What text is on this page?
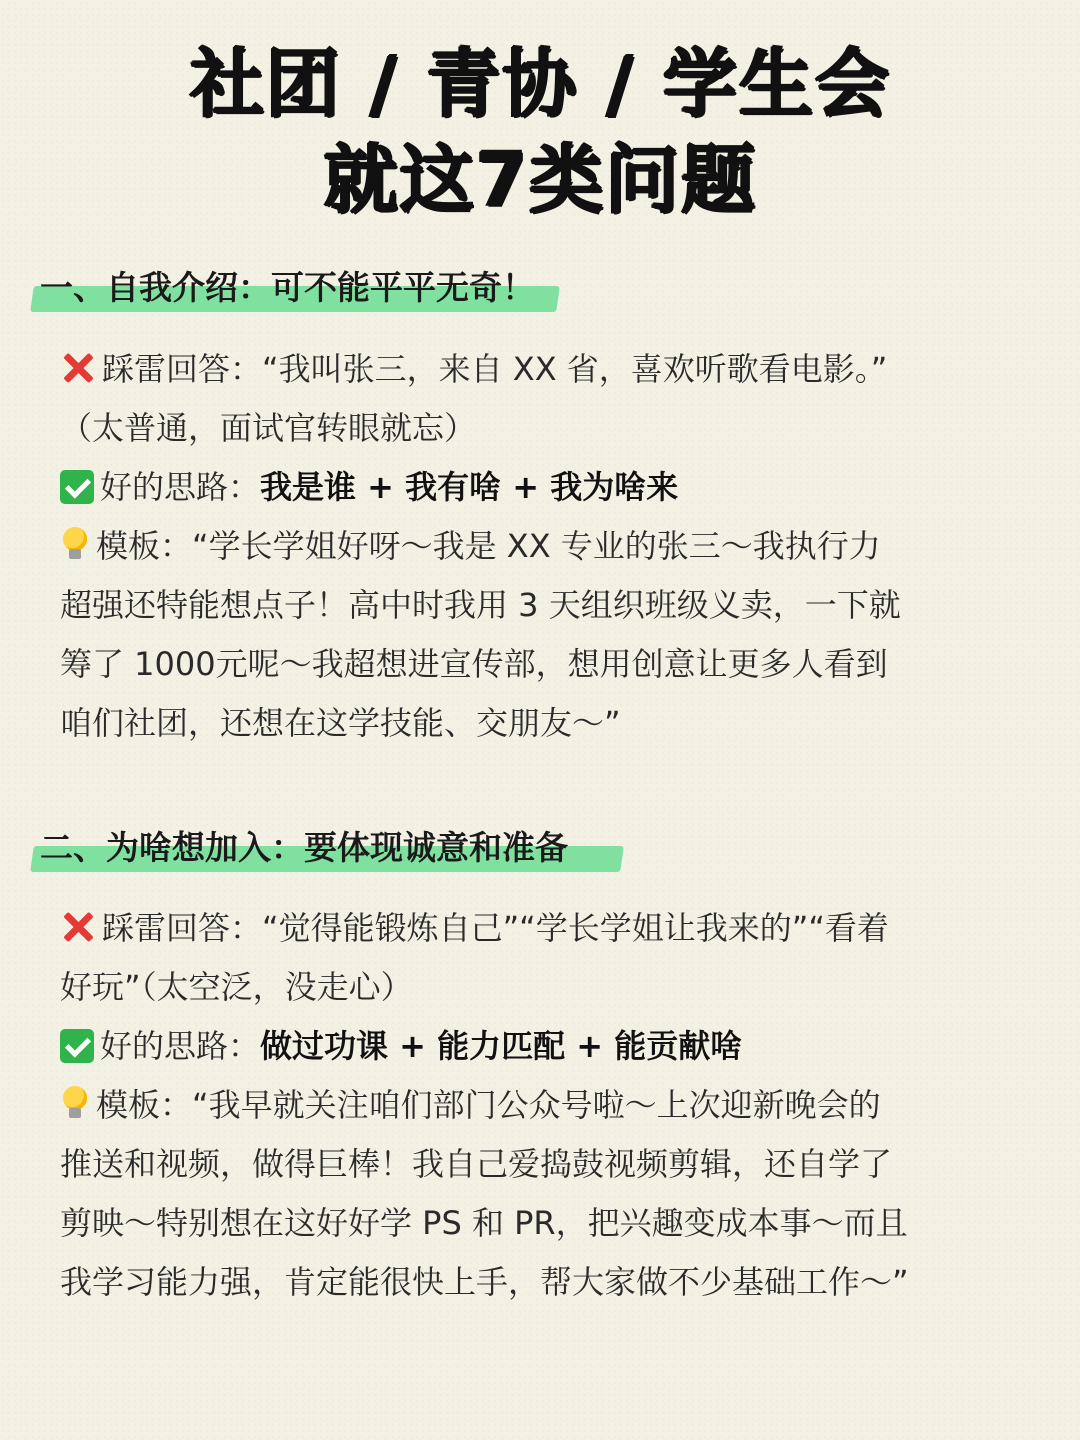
社团 / 青协 / 学生会
就这7类问题
一、自我介绍：可不能平平无奇！
踩雷回答：“我叫张三，来自 XX 省，喜欢听歌看电影。”
（太普通，面试官转眼就忘）
好的思路：我是谁 + 我有啥 + 我为啥来
模板：“学长学姐好呀～我是 XX 专业的张三～我执行力
超强还特能想点子！高中时我用 3 天组织班级义卖，一下就
筹了 1000元呢～我超想进宣传部，想用创意让更多人看到
咱们社团，还想在这学技能、交朋友～”
二、为啥想加入：要体现诚意和准备
踩雷回答：“觉得能锻炼自己”“学长学姐让我来的”“看着
好玩”（太空泛，没走心）
好的思路：做过功课 + 能力匹配 + 能贡献啥
模板：“我早就关注咱们部门公众号啦～上次迎新晚会的
推送和视频，做得巨棒！我自己爱捣鼓视频剪辑，还自学了
剪映～特别想在这好好学 PS 和 PR，把兴趣变成本事～而且
我学习能力强，肯定能很快上手，帮大家做不少基础工作～”
